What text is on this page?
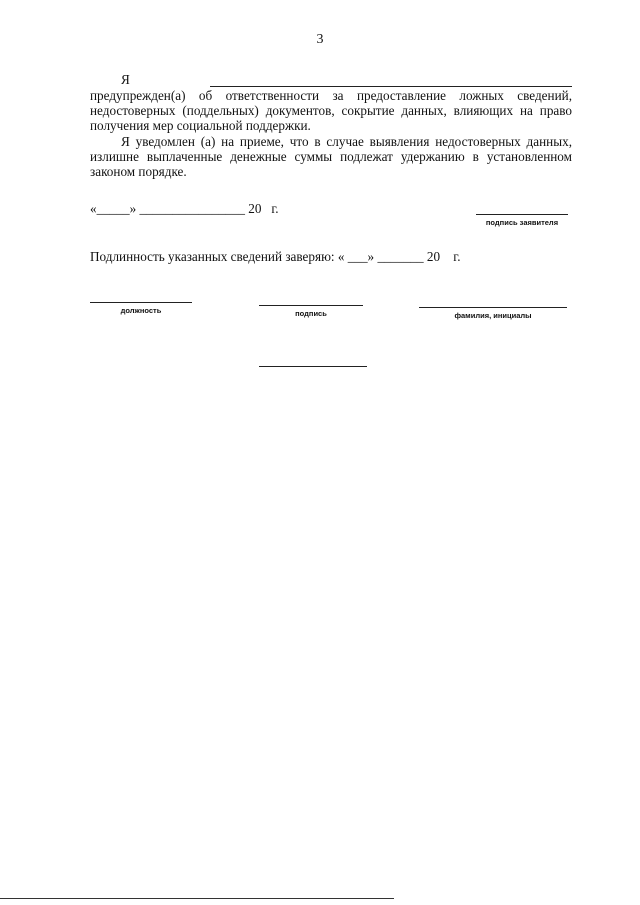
3
Я
предупрежден(а) об ответственности за предоставление ложных сведений,
недостоверных (поддельных) документов, сокрытие данных, влияющих на право
получения мер социальной поддержки.
Я уведомлен (а) на приеме, что в случае выявления недостоверных данных,
излишне выплаченные денежные суммы подлежат удержанию в установленном
законом порядке.
«_____» ________________ 20   г.
подпись заявителя
Подлинность указанных сведений заверяю: « ___» _______ 20    г.
должность	подпись	фамилия, инициалы
